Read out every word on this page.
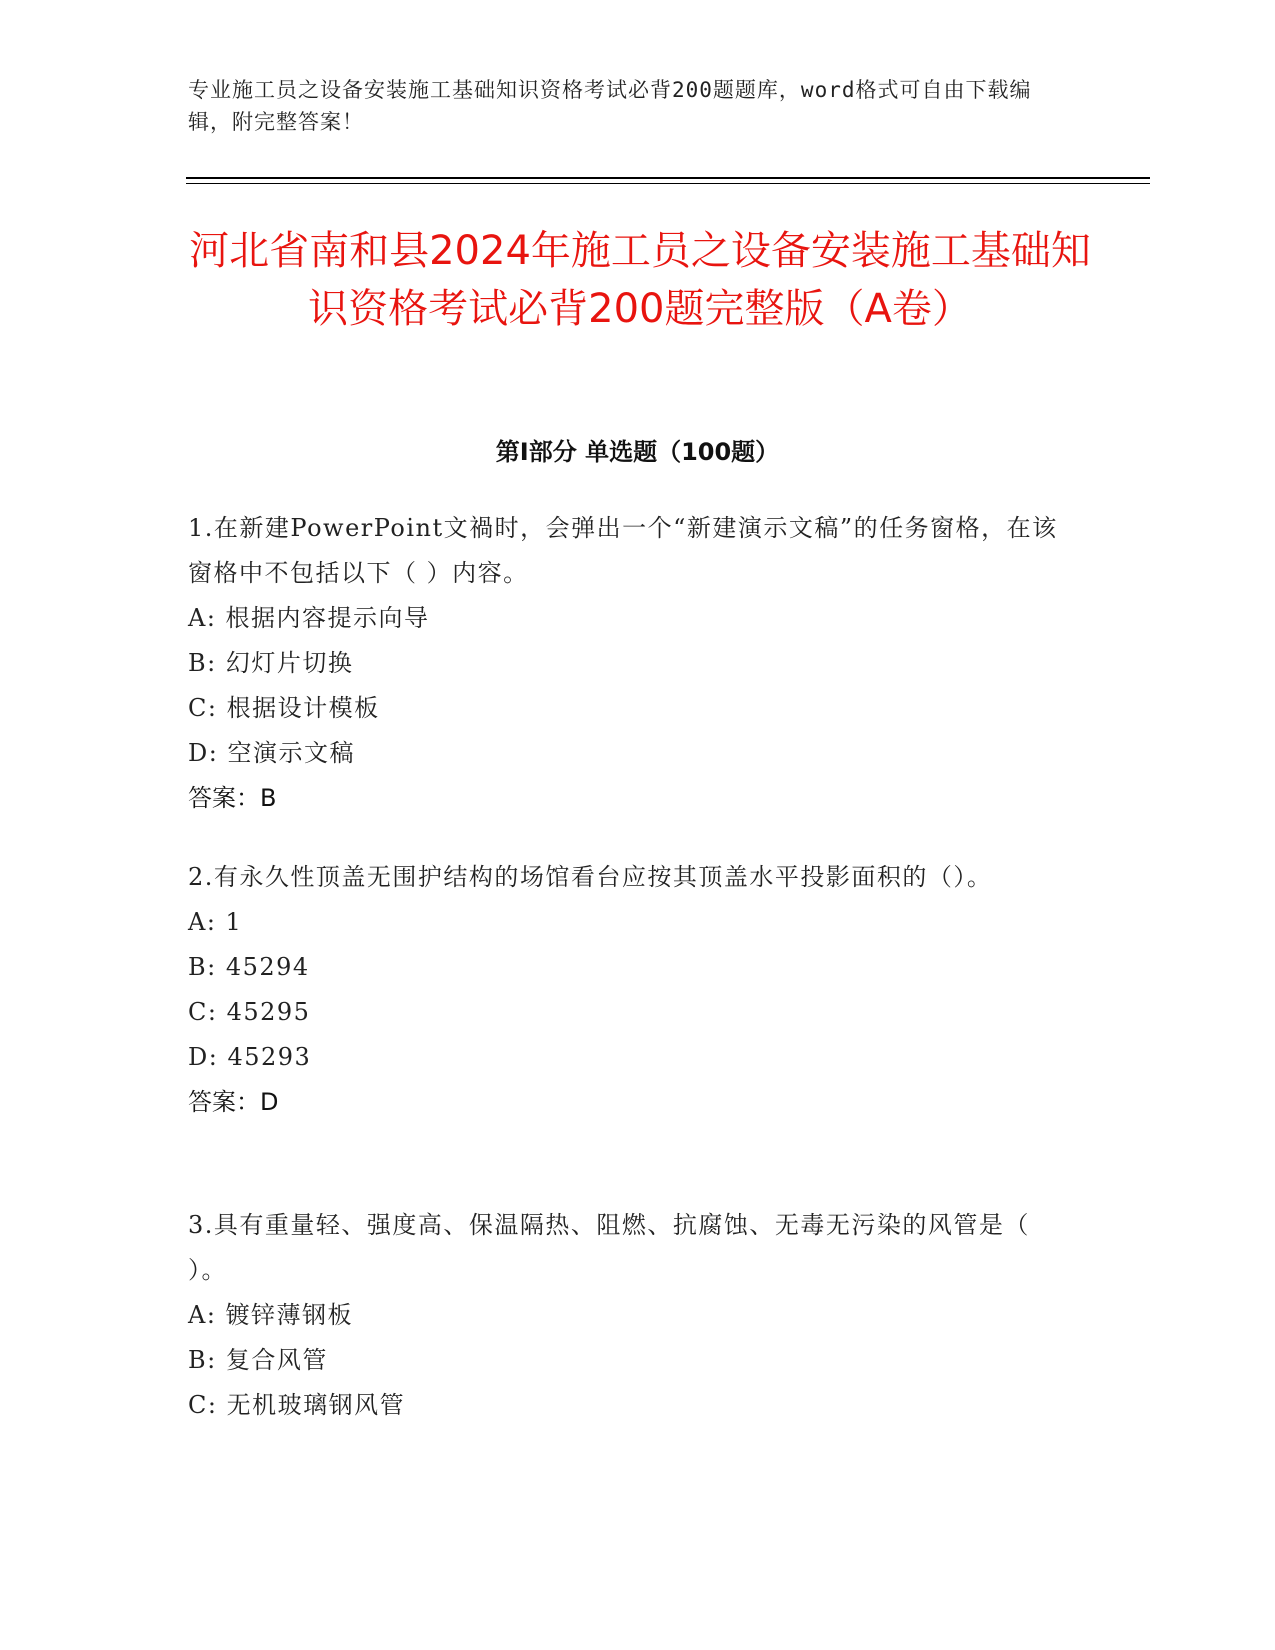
专业施工员之设备安装施工基础知识资格考试必背200题题库，word格式可自由下载编辑，附完整答案！
河北省南和县2024年施工员之设备安装施工基础知识资格考试必背200题完整版（A卷）
第I部分 单选题（100题）

1.在新建PowerPoint文禍时，会弹出一个“新建演示文稿”的任务窗格，在该窗格中不包括以下（ ）内容。

A: 根据内容提示向导

B: 幻灯片切换

C: 根据设计模板

D: 空演示文稿

答案：B

2.有永久性顶盖无围护结构的场馆看台应按其顶盖水平投影面积的（）。

A: 1

B: 45294

C: 45295

D: 45293

答案：D

3.具有重量轻、强度高、保温隔热、阻燃、抗腐蚀、无毒无污染的风管是（ ）。

A: 镀锌薄钢板

B: 复合风管

C: 无机玻璃钢风管
